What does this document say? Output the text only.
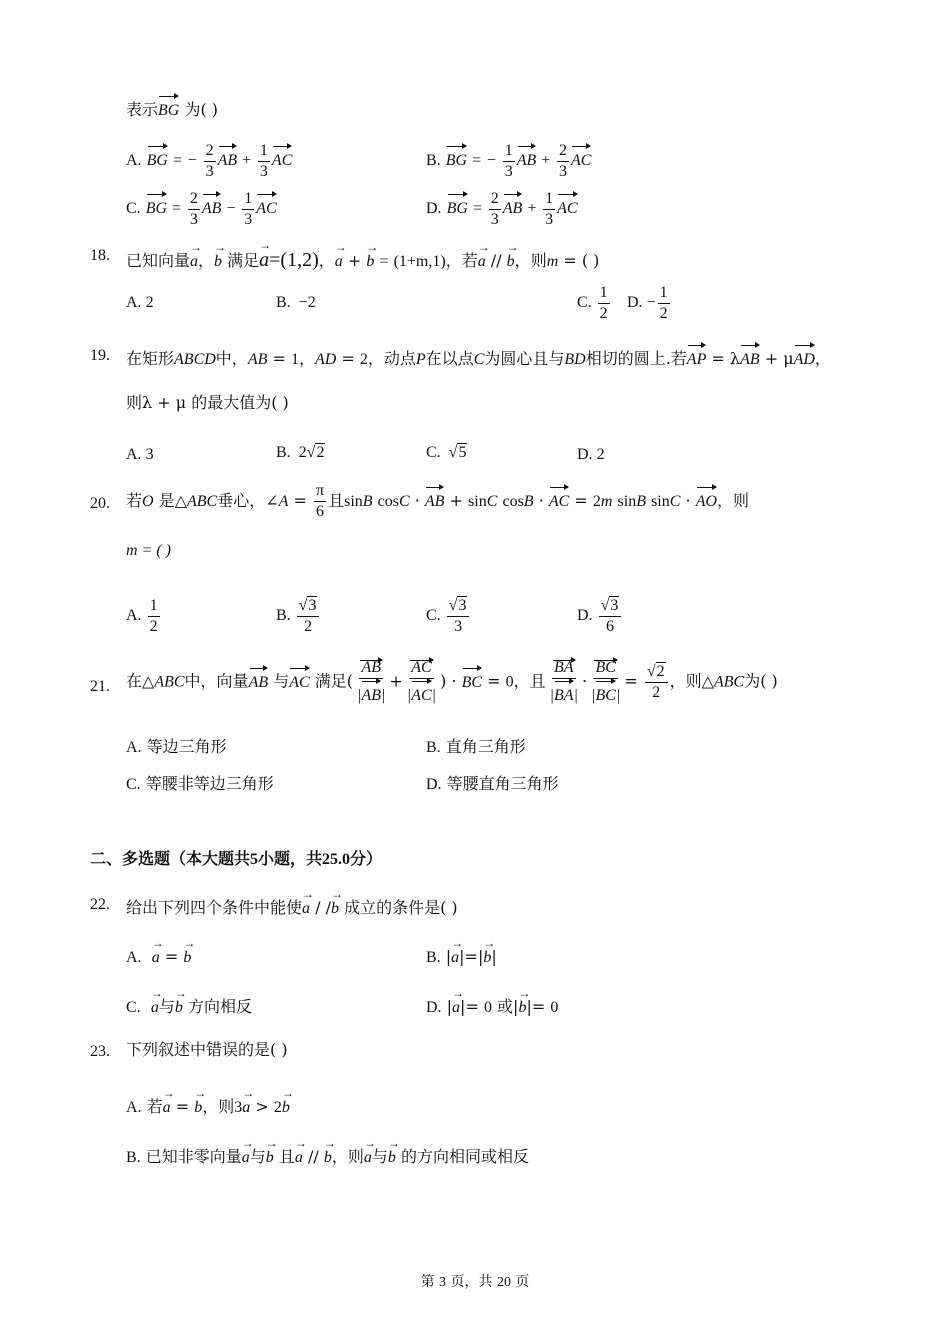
表示BG 为( )
A. BG = − $\frac{2}{3}$ AB + $\frac{1}{3}$ AC	B. BG = − $\frac{1}{3}$ AB + $\frac{2}{3}$ AC
C. BG = $\frac{2}{3}$ AB − $\frac{1}{3}$ AC	D. BG = $\frac{2}{3}$ AB + $\frac{1}{3}$ AC
18. 已知向量a →，b → 满足a →=(1,2)，a → + b → = (1+m,1)，若a → // b →，则m = ( )
A. 2	B. −2	C. $\frac{1}{2} D$. − $\frac{1}{2}$
19. 在矩形ABCD中，AB = 1，AD = 2，动点P在以点C为圆心且与BD相切的圆上.若AP = λAB + μAD，
则λ + μ 的最大值为( )
A. 3	B.  2√2	C. √5	D. 2
20. 若O 是△ABC垂心，∠A = $\frac{\pi}{6}$ 且sinB cosC · AB + sinC cosB · AC = 2m sinB sinC · AO，则
m = ( )
A. $\frac{1}{2}$	B. $\frac{√3}{2}$	C. $\frac{√3}{3}$	D. $\frac{√3}{6}$
21. 在△ABC中，向量AB 与AC 满足( $\frac{AB}{|AB|} + \frac{AC}{|AC|}$ ) · BC = 0，且 $\frac{BA}{|BA|} \cdot \frac{BC}{|BC|} = \frac{√2}{2}$ ，则△ABC为( )
A. 等边三角形	B. 直角三角形
C. 等腰非等边三角形	D. 等腰直角三角形
二、多选题（本大题共5小题，共25.0分）
22. 给出下列四个条件中能使a → / /b → 成立的条件是( )
A. a → = b →	B. |a →|=|b →|
C. a →与b → 方向相反	D. |a →|= 0 或|b →|= 0
23. 下列叙述中错误的是( )
A. 若a → = b →，则3a → > 2b →
B. 已知非零向量a →与b → 且a → // b →，则a →与b → 的方向相同或相反
第 3 页，共 20 页
